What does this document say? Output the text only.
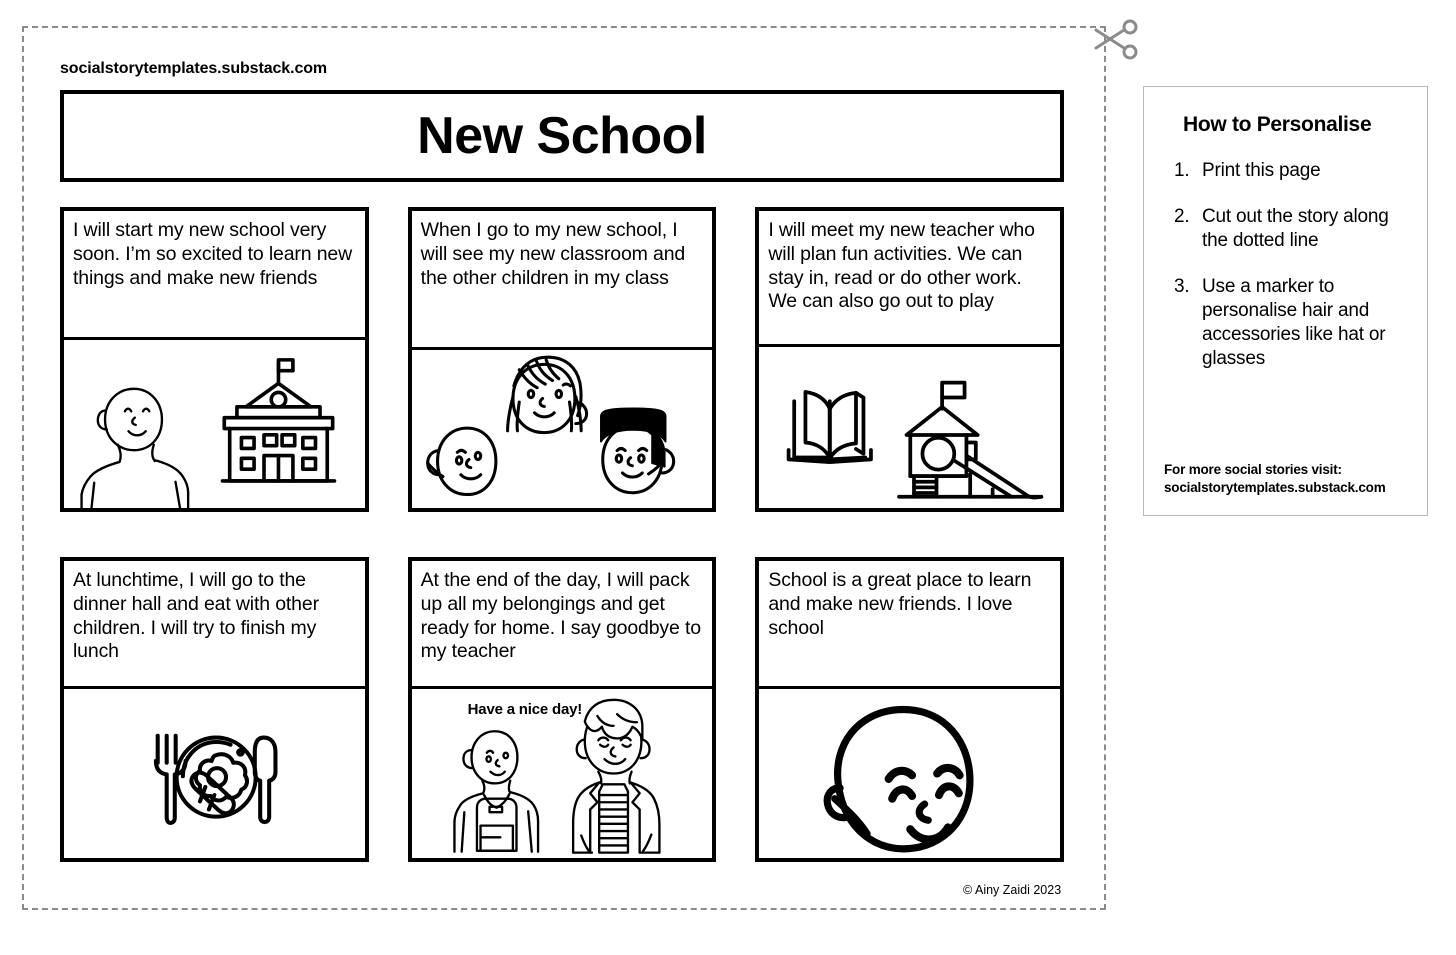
socialstorytemplates.substack.com
New School
I will start my new school very soon. I’m so excited to learn new things and make new friends
When I go to my new school, I will see my new classroom and the other children in my class
I will meet my new teacher who will plan fun activities. We can stay in, read or do other work. We can also go out to play
At lunchtime, I will go to the dinner hall and eat with other children. I will try to finish my lunch
At the end of the day, I will pack up all my belongings and get ready for home. I say goodbye to my teacher
Have a nice day!
School is a great place to learn and make new friends. I love school
© Ainy Zaidi 2023
How to Personalise
Print this page
Cut out the story along the dotted line
Use a marker to personalise hair and accessories like hat or glasses
For more social stories visit:
socialstorytemplates.substack.com
